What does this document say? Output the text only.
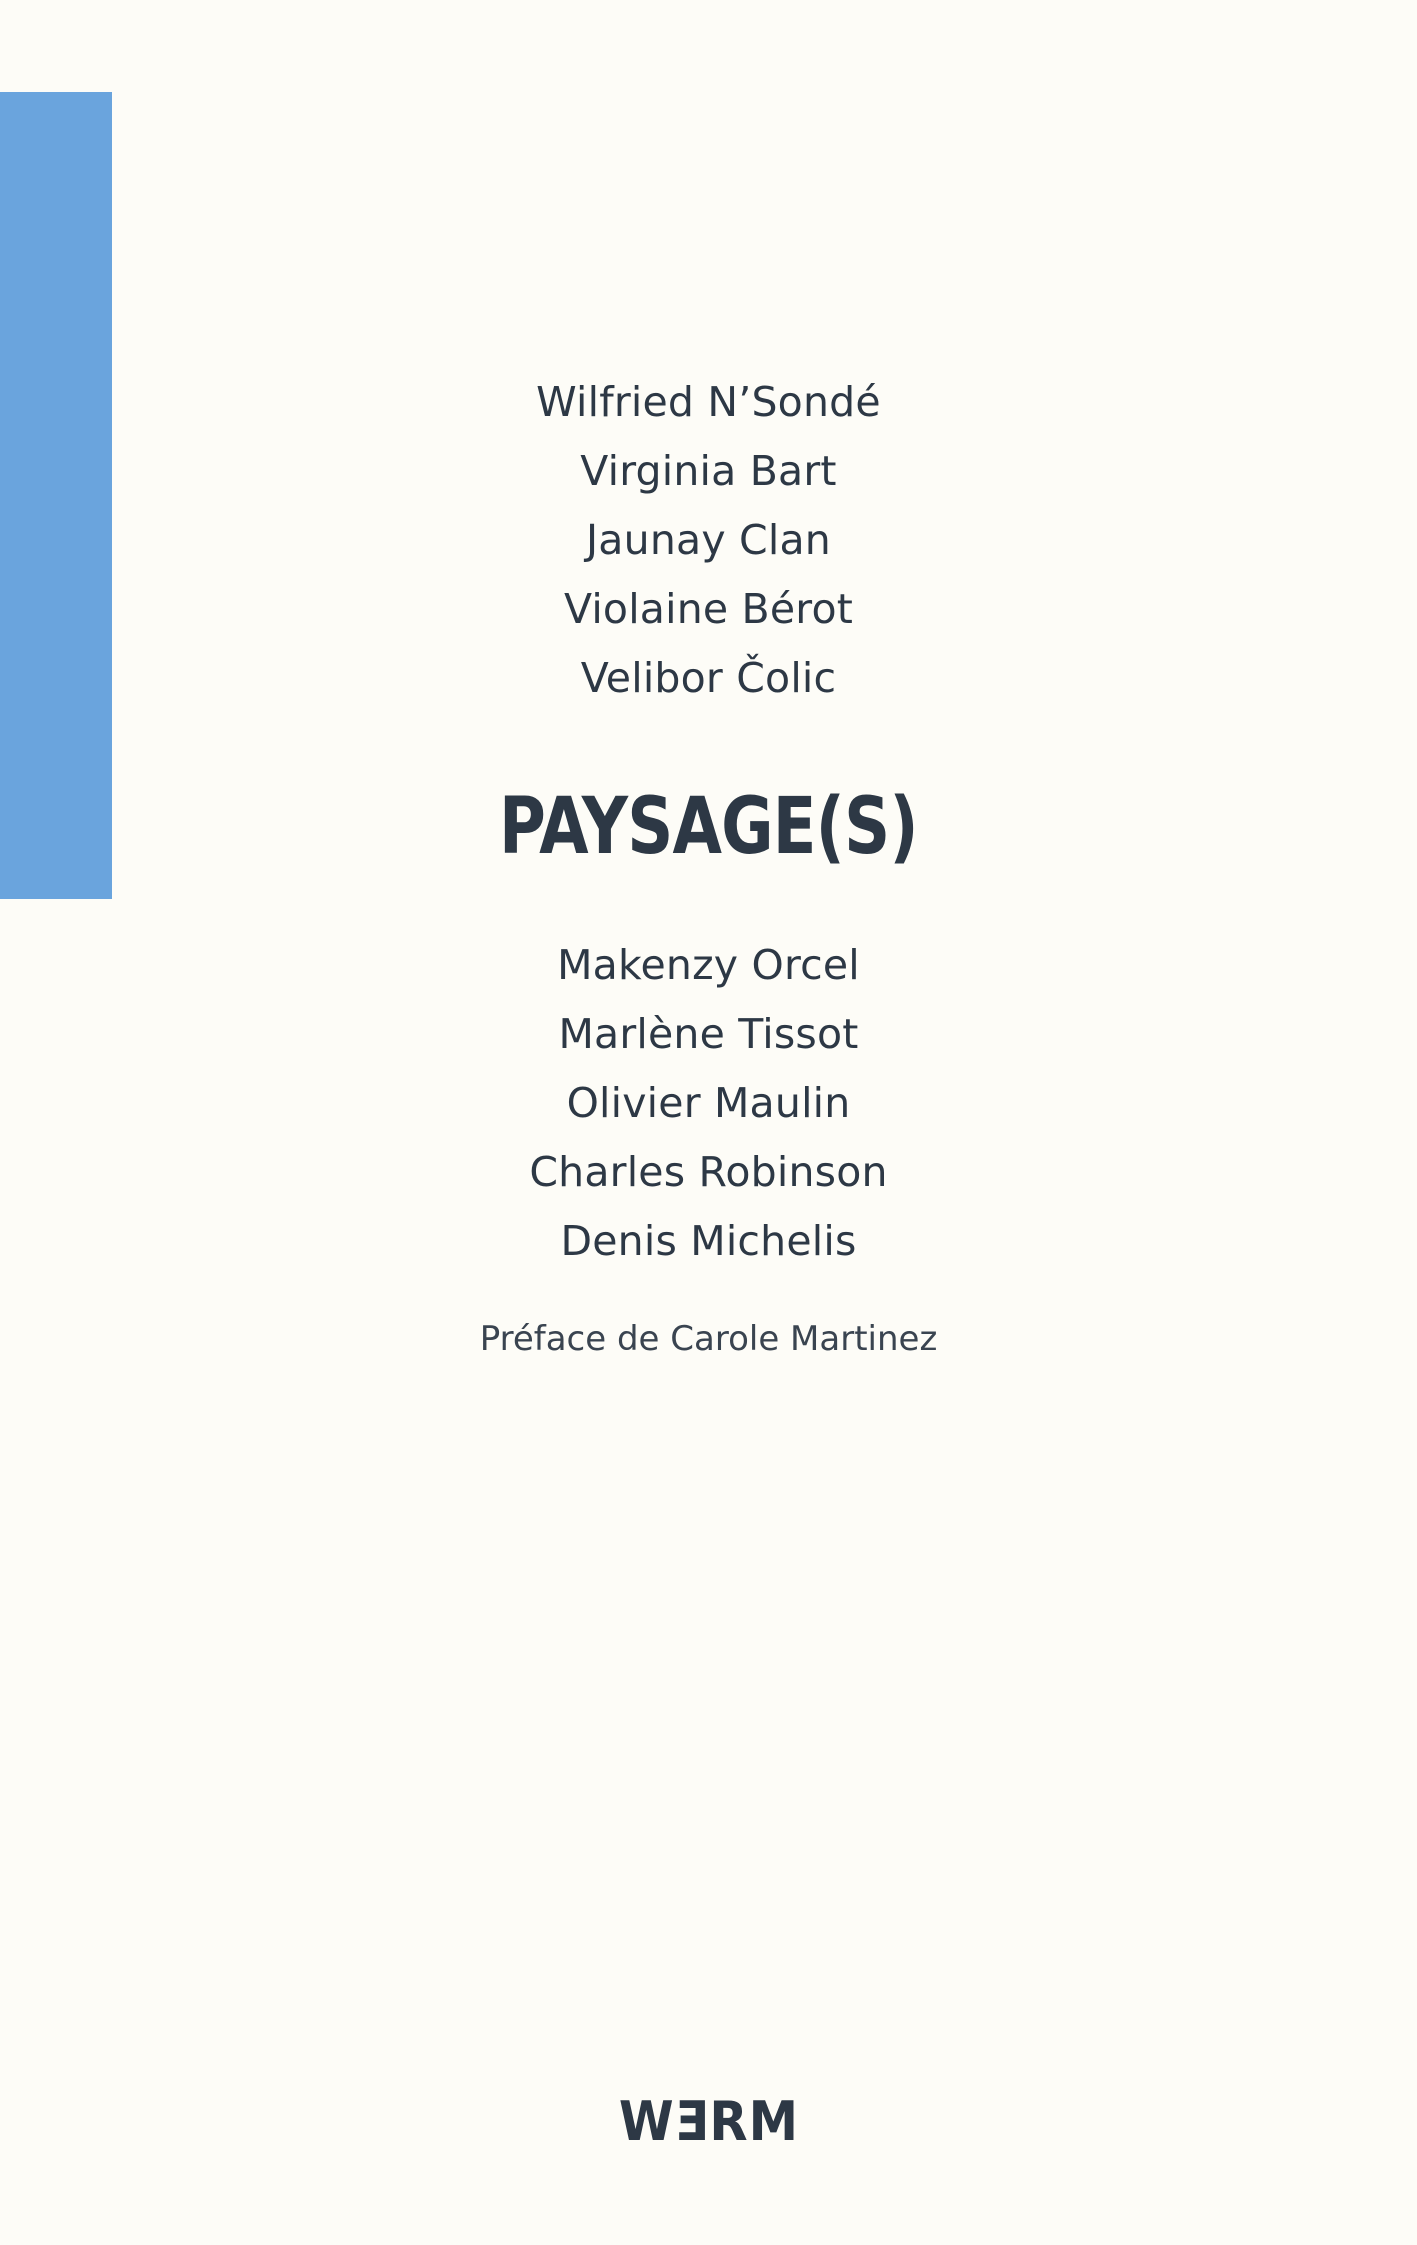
Wilfried N’Sondé
Virginia Bart
Jaunay Clan
Violaine Bérot
Velibor Čolic
PAYSAGE(S)
Makenzy Orcel
Marlène Tissot
Olivier Maulin
Charles Robinson
Denis Michelis
Préface de Carole Martinez
WƎRM
